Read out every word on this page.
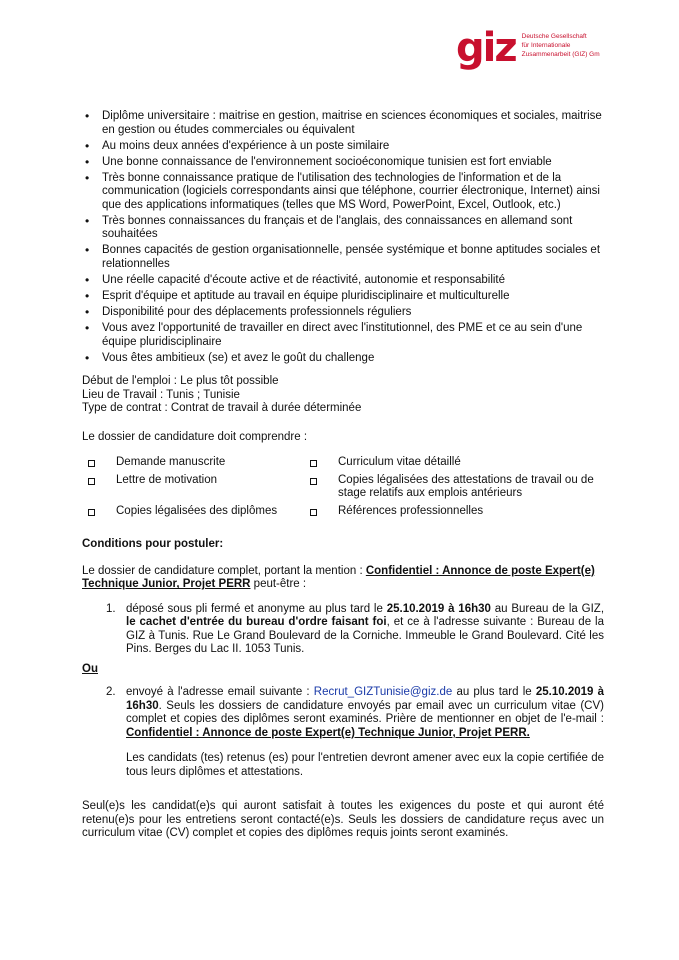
giz Deutsche Gesellschaft
für Internationale
Zusammenarbeit (GIZ) Gm
• Diplôme universitaire : maitrise en gestion, maitrise en sciences économiques et sociales, maitrise en gestion ou études commerciales ou équivalent
• Au moins deux années d'expérience à un poste similaire
• Une bonne connaissance de l'environnement socioéconomique tunisien est fort enviable
• Très bonne connaissance pratique de l'utilisation des technologies de l'information et de la communication (logiciels correspondants ainsi que téléphone, courrier électronique, Internet) ainsi que des applications informatiques (telles que MS Word, PowerPoint, Excel, Outlook, etc.)
• Très bonnes connaissances du français et de l'anglais, des connaissances en allemand sont souhaitées
• Bonnes capacités de gestion organisationnelle, pensée systémique et bonne aptitudes sociales et relationnelles
• Une réelle capacité d'écoute active et de réactivité, autonomie et responsabilité
• Esprit d'équipe et aptitude au travail en équipe pluridisciplinaire et multiculturelle
• Disponibilité pour des déplacements professionnels réguliers
• Vous avez l'opportunité de travailler en direct avec l'institutionnel, des PME et ce au sein d'une équipe pluridisciplinaire
• Vous êtes ambitieux (se) et avez le goût du challenge
Début de l'emploi : Le plus tôt possible
Lieu de Travail : Tunis ; Tunisie
Type de contrat : Contrat de travail à durée déterminée
Le dossier de candidature doit comprendre :
Demande manuscrite	Curriculum vitae détaillé
Lettre de motivation	Copies légalisées des attestations de travail ou de stage relatifs aux emplois antérieurs
Copies légalisées des diplômes	Références professionnelles
Conditions pour postuler:
Le dossier de candidature complet, portant la mention : Confidentiel : Annonce de poste Expert(e) Technique Junior, Projet PERR peut-être :
1. déposé sous pli fermé et anonyme au plus tard le 25.10.2019 à 16h30 au Bureau de la GIZ, le cachet d'entrée du bureau d'ordre faisant foi, et ce à l'adresse suivante : Bureau de la GIZ à Tunis. Rue Le Grand Boulevard de la Corniche. Immeuble le Grand Boulevard. Cité les Pins. Berges du Lac II. 1053 Tunis.
Ou
2. envoyé à l'adresse email suivante : Recrut_GIZTunisie@giz.de au plus tard le 25.10.2019 à 16h30. Seuls les dossiers de candidature envoyés par email avec un curriculum vitae (CV) complet et copies des diplômes seront examinés. Prière de mentionner en objet de l'e-mail : Confidentiel : Annonce de poste Expert(e) Technique Junior, Projet PERR.
Les candidats (tes) retenus (es) pour l'entretien devront amener avec eux la copie certifiée de tous leurs diplômes et attestations.
Seul(e)s les candidat(e)s qui auront satisfait à toutes les exigences du poste et qui auront été retenu(e)s pour les entretiens seront contacté(e)s. Seuls les dossiers de candidature reçus avec un curriculum vitae (CV) complet et copies des diplômes requis joints seront examinés.
